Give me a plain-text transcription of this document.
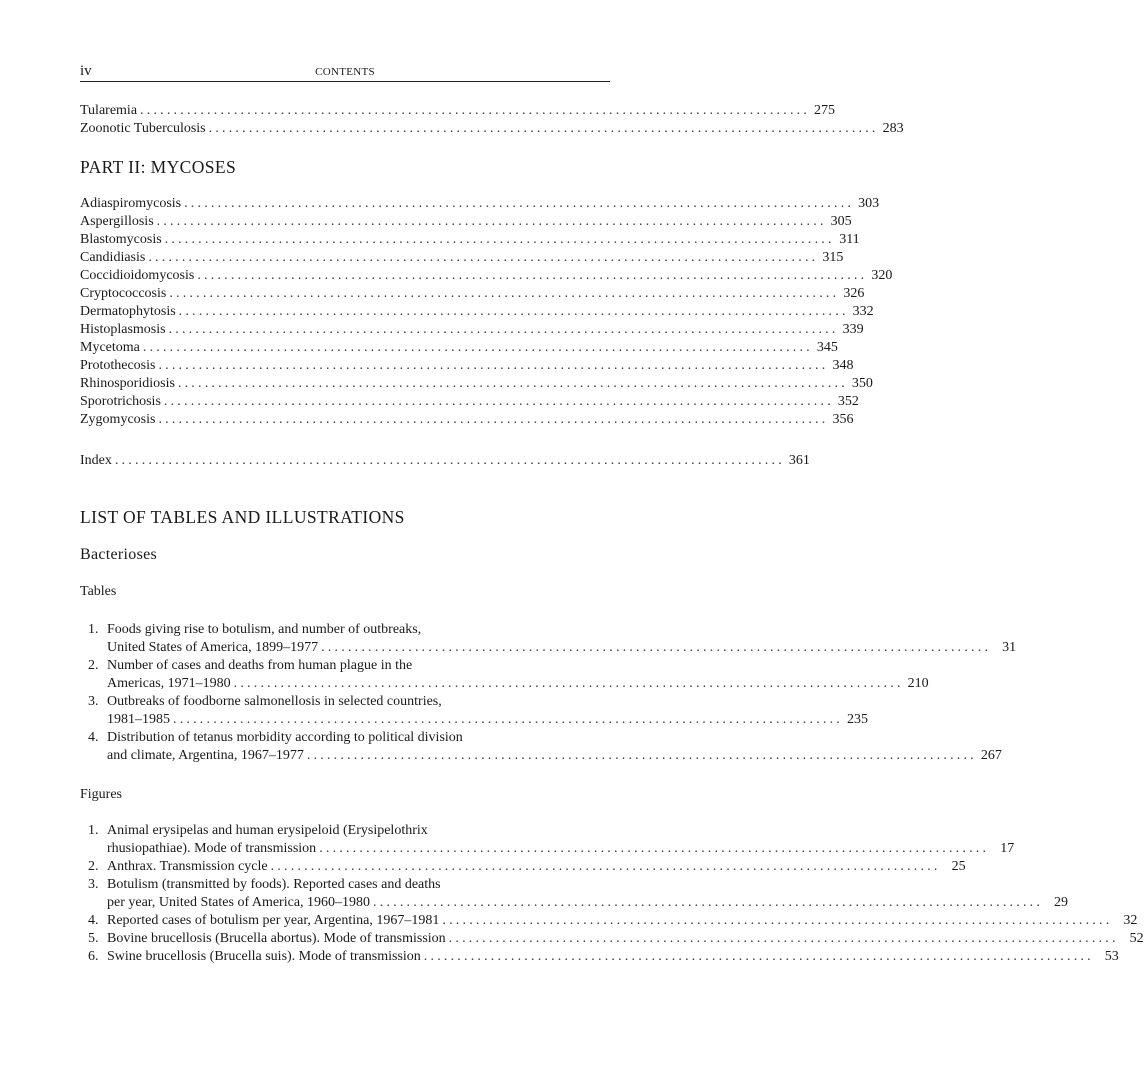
iv	CONTENTS
Tularemia .................................................................................................... 275
Zoonotic Tuberculosis .................................................................................................... 283
PART II: MYCOSES
Adiaspiromycosis .................................................................................................... 303
Aspergillosis .................................................................................................... 305
Blastomycosis .................................................................................................... 311
Candidiasis .................................................................................................... 315
Coccidioidomycosis .................................................................................................... 320
Cryptococcosis .................................................................................................... 326
Dermatophytosis .................................................................................................... 332
Histoplasmosis .................................................................................................... 339
Mycetoma .................................................................................................... 345
Protothecosis .................................................................................................... 348
Rhinosporidiosis .................................................................................................... 350
Sporotrichosis .................................................................................................... 352
Zygomycosis .................................................................................................... 356
Index .................................................................................................... 361
LIST OF TABLES AND ILLUSTRATIONS
Bacterioses
Tables
1. Foods giving rise to botulism, and number of outbreaks,
United States of America, 1899–1977 .................................................................................................... 31
2. Number of cases and deaths from human plague in the
Americas, 1971–1980 .................................................................................................... 210
3. Outbreaks of foodborne salmonellosis in selected countries,
1981–1985 .................................................................................................... 235
4. Distribution of tetanus morbidity according to political division
and climate, Argentina, 1967–1977 .................................................................................................... 267
Figures
1. Animal erysipelas and human erysipeloid (Erysipelothrix
rhusiopathiae). Mode of transmission .................................................................................................... 17
2. Anthrax. Transmission cycle .................................................................................................... 25
3. Botulism (transmitted by foods). Reported cases and deaths
per year, United States of America, 1960–1980 .................................................................................................... 29
4. Reported cases of botulism per year, Argentina, 1967–1981 .................................................................................................... 32
5. Bovine brucellosis (Brucella abortus). Mode of transmission .................................................................................................... 52
6. Swine brucellosis (Brucella suis). Mode of transmission .................................................................................................... 53
